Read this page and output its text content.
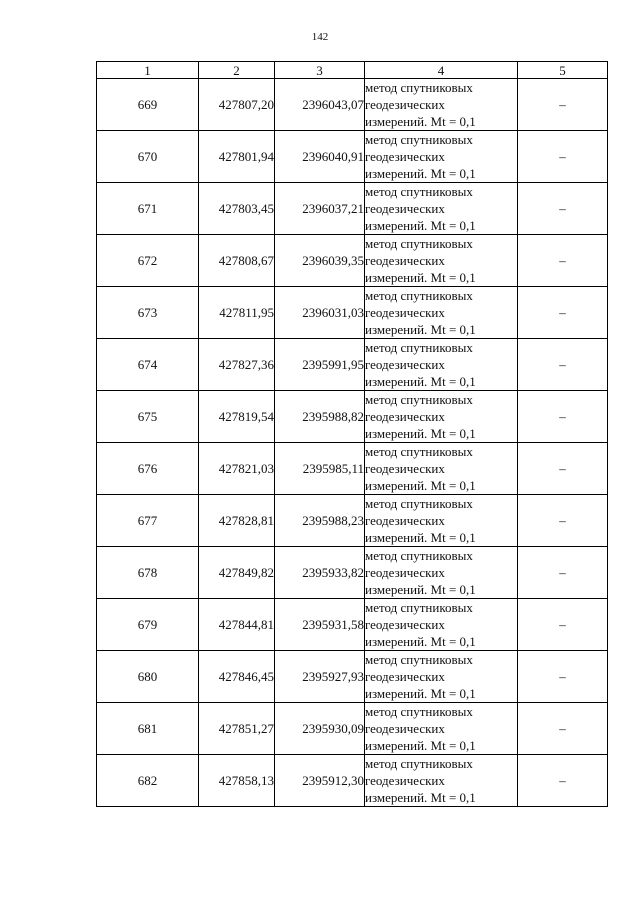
142
1	2	3	4	5
669	427807,20	2396043,07	метод спутниковых
геодезических
измерений. Mt = 0,1	–
670	427801,94	2396040,91	метод спутниковых
геодезических
измерений. Mt = 0,1	–
671	427803,45	2396037,21	метод спутниковых
геодезических
измерений. Mt = 0,1	–
672	427808,67	2396039,35	метод спутниковых
геодезических
измерений. Mt = 0,1	–
673	427811,95	2396031,03	метод спутниковых
геодезических
измерений. Mt = 0,1	–
674	427827,36	2395991,95	метод спутниковых
геодезических
измерений. Mt = 0,1	–
675	427819,54	2395988,82	метод спутниковых
геодезических
измерений. Mt = 0,1	–
676	427821,03	2395985,11	метод спутниковых
геодезических
измерений. Mt = 0,1	–
677	427828,81	2395988,23	метод спутниковых
геодезических
измерений. Mt = 0,1	–
678	427849,82	2395933,82	метод спутниковых
геодезических
измерений. Mt = 0,1	–
679	427844,81	2395931,58	метод спутниковых
геодезических
измерений. Mt = 0,1	–
680	427846,45	2395927,93	метод спутниковых
геодезических
измерений. Mt = 0,1	–
681	427851,27	2395930,09	метод спутниковых
геодезических
измерений. Mt = 0,1	–
682	427858,13	2395912,30	метод спутниковых
геодезических
измерений. Mt = 0,1	–
